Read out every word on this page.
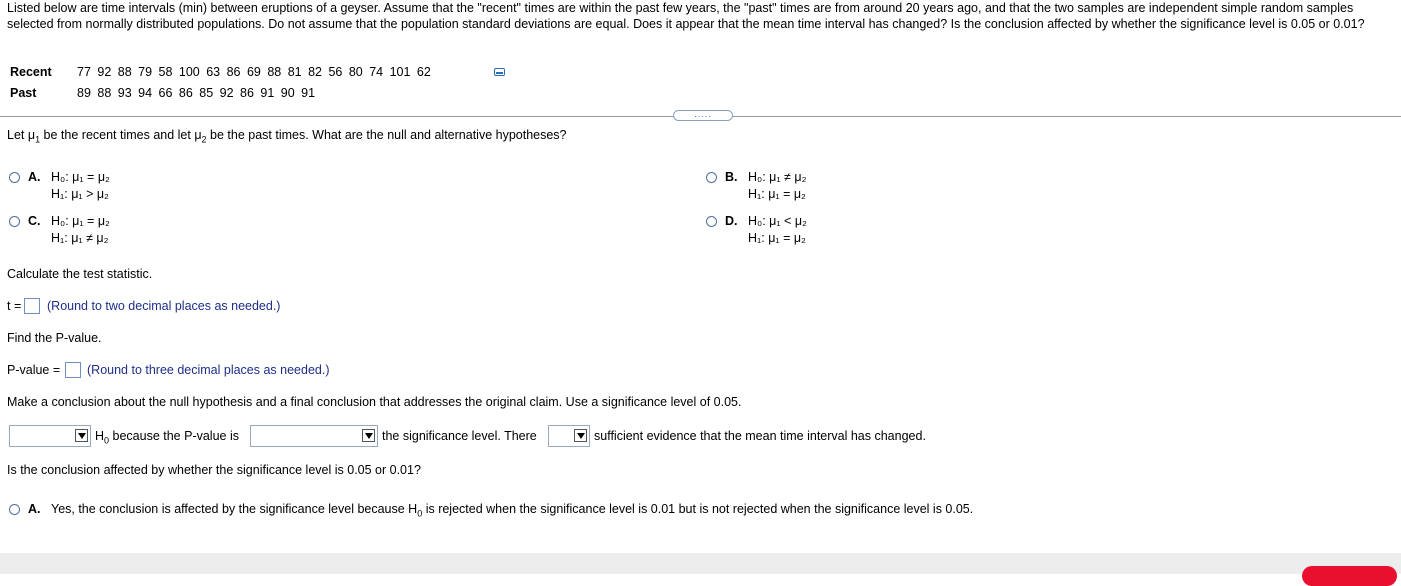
Listed below are time intervals (min) between eruptions of a geyser. Assume that the "recent" times are within the past few years, the "past" times are from around 20 years ago, and that the two samples are independent simple random samples selected from normally distributed populations. Do not assume that the population standard deviations are equal. Does it appear that the mean time interval has changed? Is the conclusion affected by whether the significance level is 0.05 or 0.01?
Recent 77 92 88 79 58 100 63 86 69 88 81 82 56 80 74 101 62
Past	89 88 93 94 66 86 85 92 86 91 90 91
.....
Let $\mu_1$ be the recent times and let $\mu_2$ be the past times. What are the null and alternative hypotheses?
A. H₀: μ₁ = μ₂
H₁: μ₁ > μ₂
B. H₀: μ₁ ≠ μ₂
H₁: μ₁ = μ₂
C. H₀: μ₁ = μ₂
H₁: μ₁ ≠ μ₂
D. H₀: μ₁ < μ₂
H₁: μ₁ = μ₂
Calculate the test statistic.
t = (Round to two decimal places as needed.)
Find the P-value.
P-value = (Round to three decimal places as needed.)
Make a conclusion about the null hypothesis and a final conclusion that addresses the original claim. Use a significance level of 0.05.
$H_0$ because the P-value is	the significance level. There	sufficient evidence that the mean time interval has changed.
Is the conclusion affected by whether the significance level is 0.05 or 0.01?
A. Yes, the conclusion is affected by the significance level because $H_0$ is rejected when the significance level is 0.01 but is not rejected when the significance level is 0.05.
